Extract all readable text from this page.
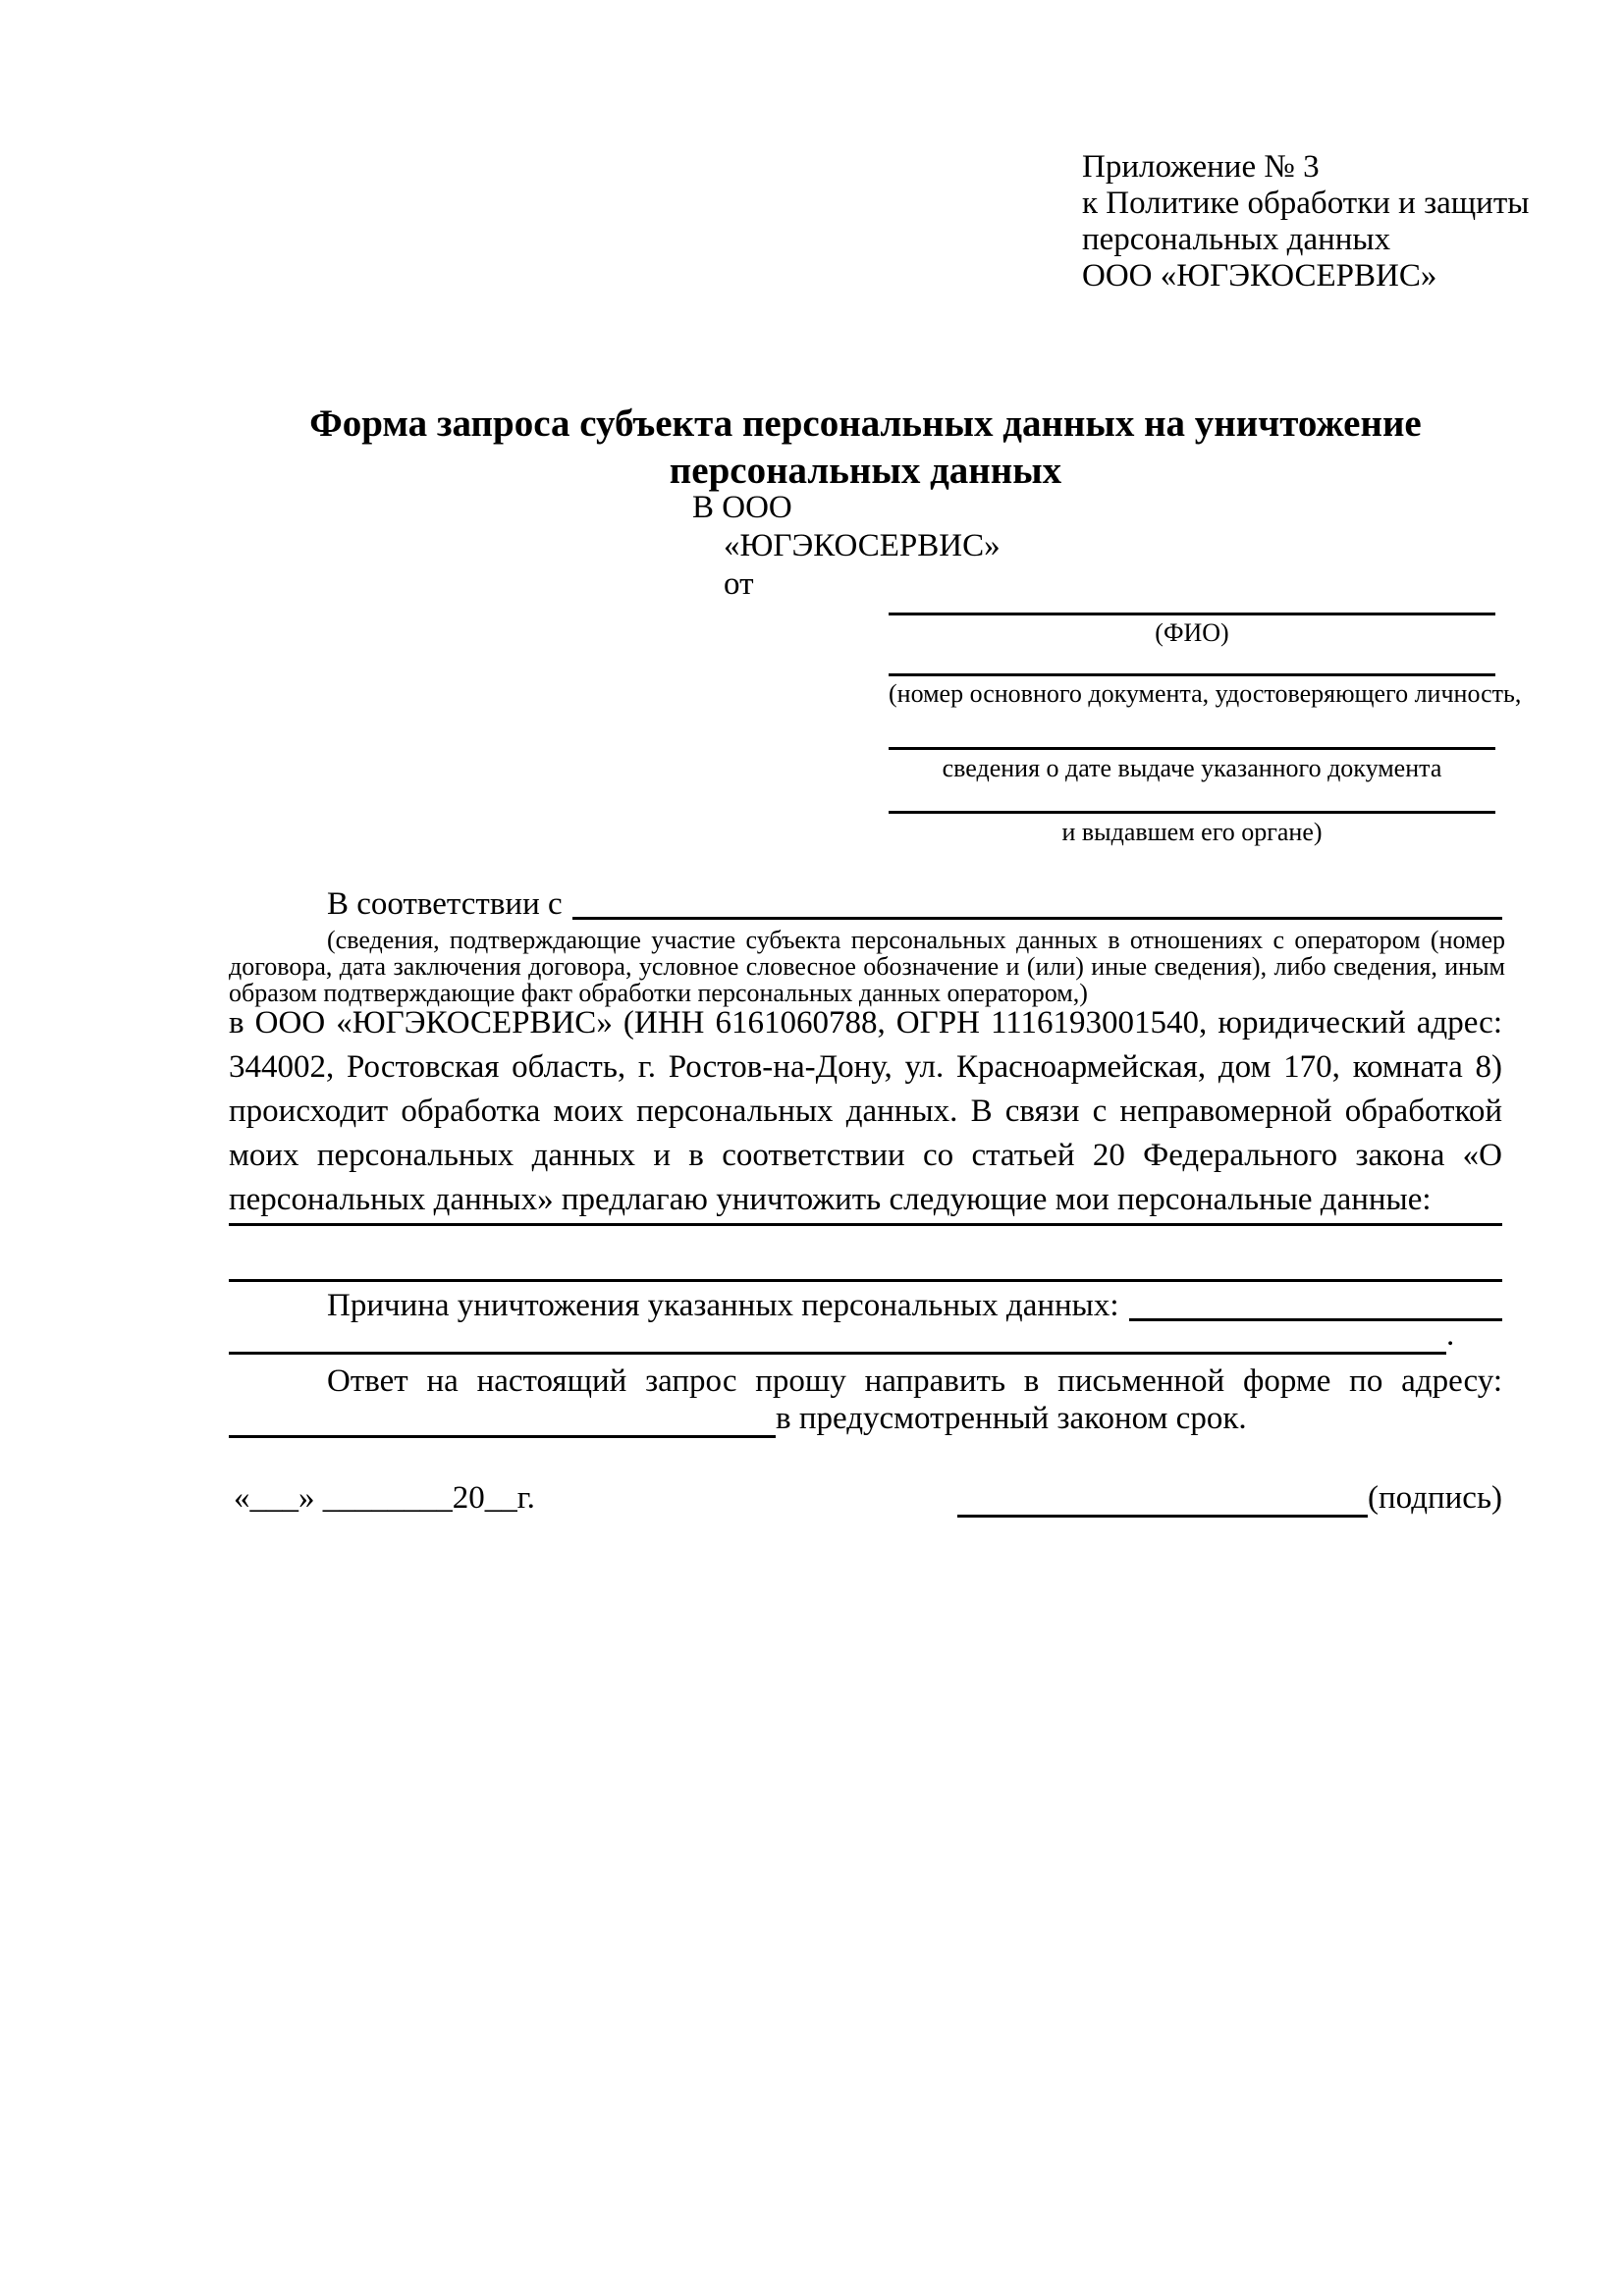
Приложение № 3
к Политике обработки и защиты
персональных данных
ООО «ЮГЭКОСЕРВИС»
Форма запроса субъекта персональных данных на уничтожение
персональных данных
В ООО
«ЮГЭКОСЕРВИС»
от
(ФИО)
(номер основного документа, удостоверяющего личность,
сведения о дате выдаче указанного документа
и выдавшем его органе)
В соответствии с
(сведения, подтверждающие участие субъекта персональных данных в отношениях с оператором (номер договора, дата заключения договора, условное словесное обозначение и (или) иные сведения), либо сведения, иным образом подтверждающие факт обработки персональных данных оператором,)
в ООО «ЮГЭКОСЕРВИС» (ИНН 6161060788, ОГРН 1116193001540, юридический адрес: 344002, Ростовская область, г. Ростов-на-Дону, ул. Красноармейская, дом 170, комната 8) происходит обработка моих персональных данных. В связи с неправомерной обработкой моих персональных данных и в соответствии со статьей 20 Федерального закона «О персональных данных» предлагаю уничтожить следующие мои персональные данные:
Причина уничтожения указанных персональных данных:
.
Ответ на настоящий запрос прошу направить в письменной форме по адресу:
в предусмотренный законом срок.
«___» ________20__г.	(подпись)
